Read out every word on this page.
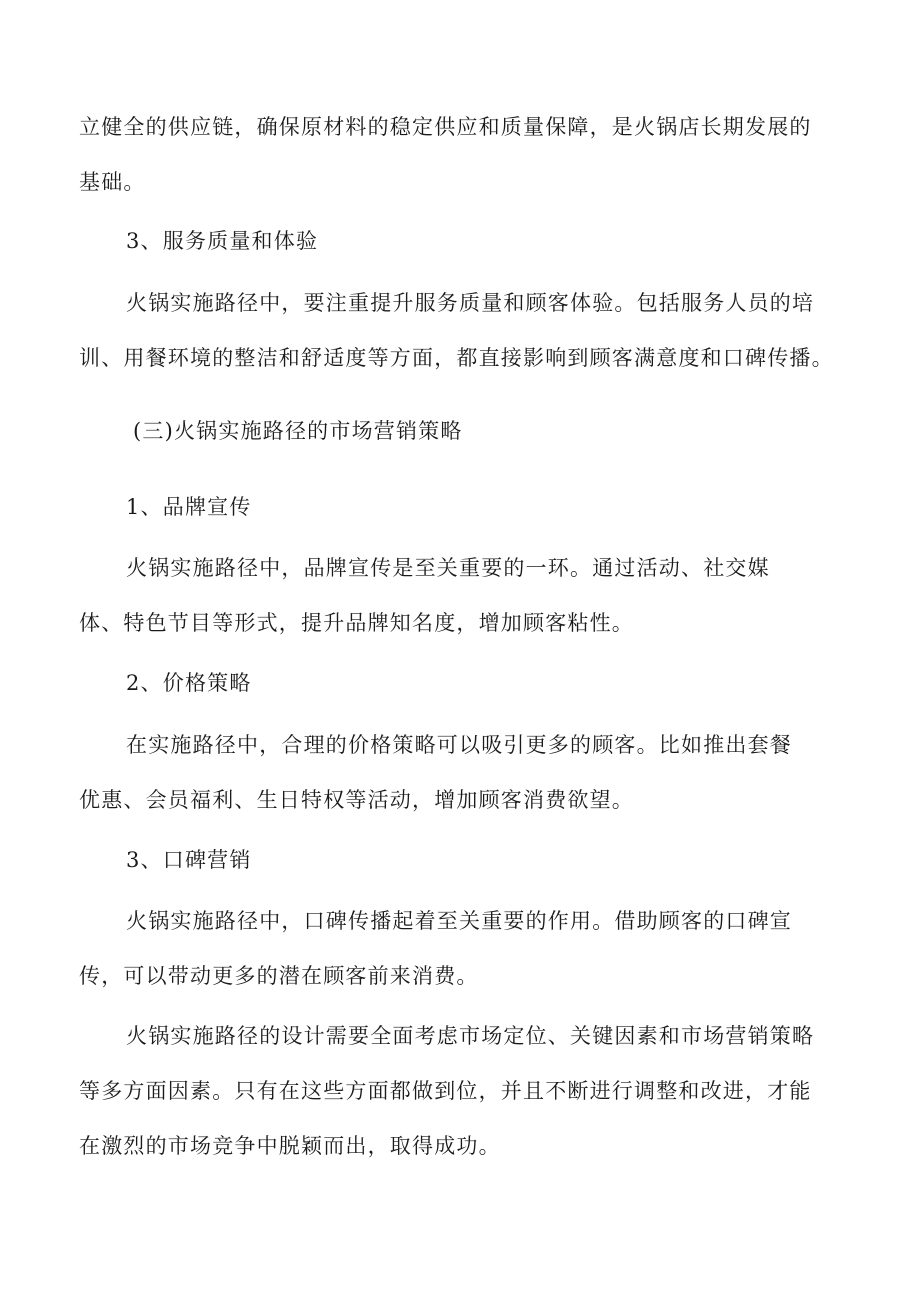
立健全的供应链，确保原材料的稳定供应和质量保障，是火锅店长期发展的
基础。
3、服务质量和体验
火锅实施路径中，要注重提升服务质量和顾客体验。包括服务人员的培
训、用餐环境的整洁和舒适度等方面，都直接影响到顾客满意度和口碑传播。
(三)火锅实施路径的市场营销策略
1、品牌宣传
火锅实施路径中，品牌宣传是至关重要的一环。通过活动、社交媒
体、特色节目等形式，提升品牌知名度，增加顾客粘性。
2、价格策略
在实施路径中，合理的价格策略可以吸引更多的顾客。比如推出套餐
优惠、会员福利、生日特权等活动，增加顾客消费欲望。
3、口碑营销
火锅实施路径中，口碑传播起着至关重要的作用。借助顾客的口碑宣
传，可以带动更多的潜在顾客前来消费。
火锅实施路径的设计需要全面考虑市场定位、关键因素和市场营销策略
等多方面因素。只有在这些方面都做到位，并且不断进行调整和改进，才能
在激烈的市场竞争中脱颖而出，取得成功。
